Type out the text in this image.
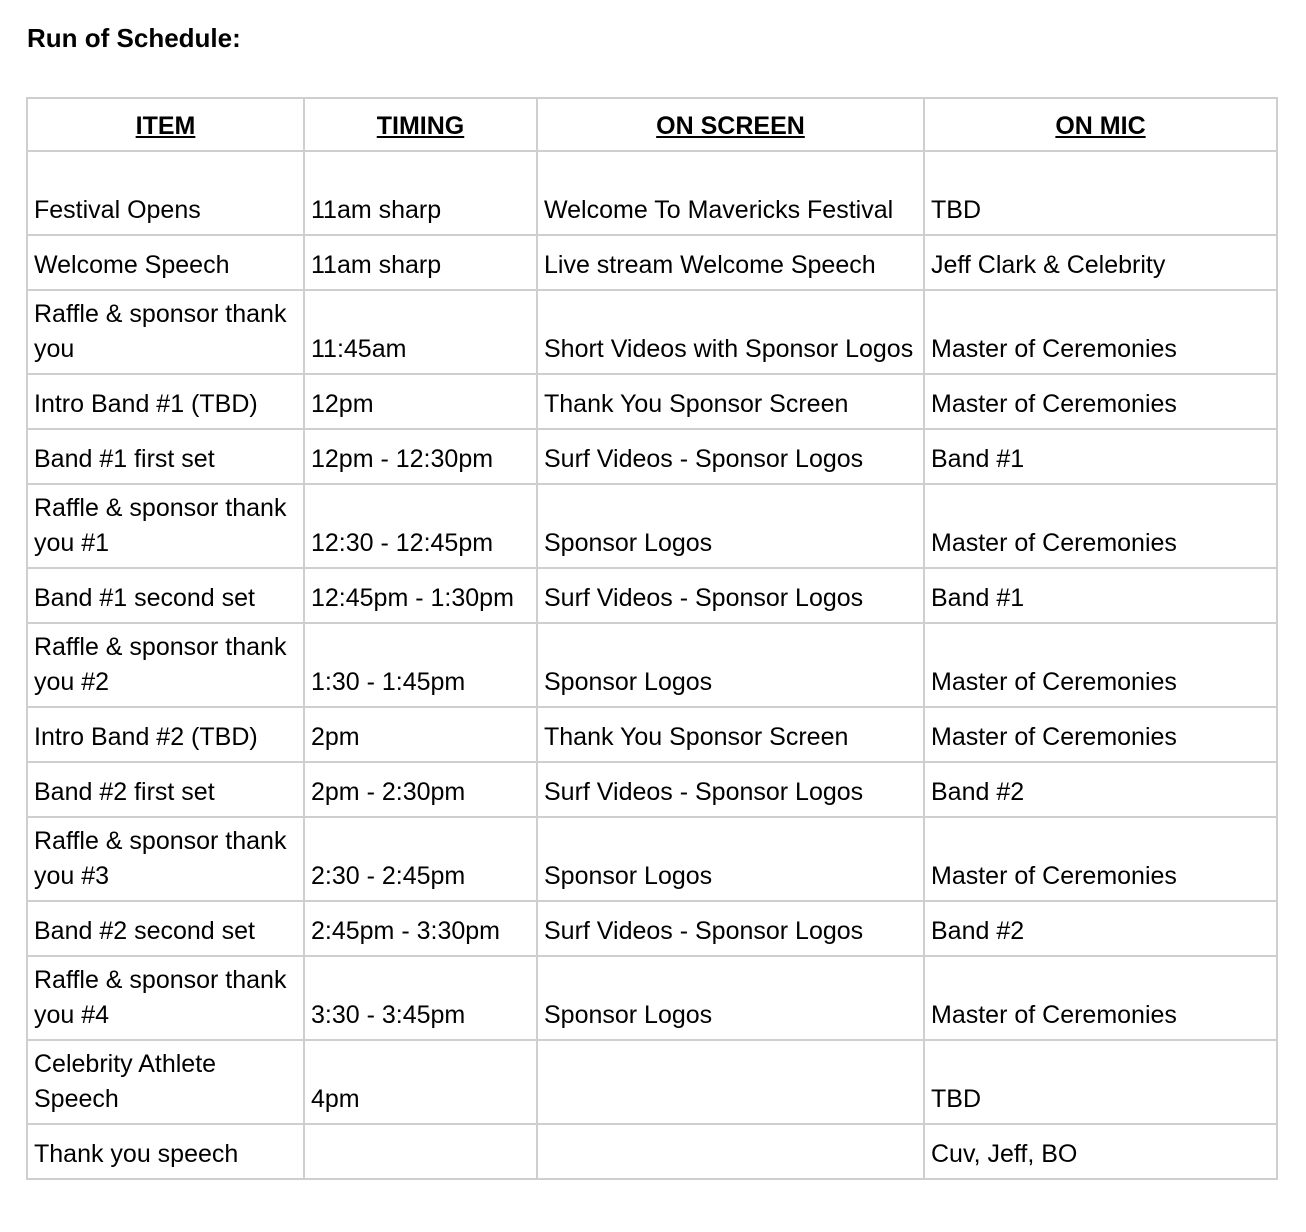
Run of Schedule:
ITEM	TIMING	ON SCREEN	ON MIC
Festival Opens	11am sharp	Welcome To Mavericks Festival	TBD
Welcome Speech	11am sharp	Live stream Welcome Speech	Jeff Clark & Celebrity
Raffle & sponsor thank you	11:45am	Short Videos with Sponsor Logos	Master of Ceremonies
Intro Band #1 (TBD)	12pm	Thank You Sponsor Screen	Master of Ceremonies
Band #1 first set	12pm - 12:30pm	Surf Videos - Sponsor Logos	Band #1
Raffle & sponsor thank you #1	12:30 - 12:45pm	Sponsor Logos	Master of Ceremonies
Band #1 second set	12:45pm - 1:30pm	Surf Videos - Sponsor Logos	Band #1
Raffle & sponsor thank you #2	1:30 - 1:45pm	Sponsor Logos	Master of Ceremonies
Intro Band #2 (TBD)	2pm	Thank You Sponsor Screen	Master of Ceremonies
Band #2 first set	2pm - 2:30pm	Surf Videos - Sponsor Logos	Band #2
Raffle & sponsor thank you #3	2:30 - 2:45pm	Sponsor Logos	Master of Ceremonies
Band #2 second set	2:45pm - 3:30pm	Surf Videos - Sponsor Logos	Band #2
Raffle & sponsor thank you #4	3:30 - 3:45pm	Sponsor Logos	Master of Ceremonies
Celebrity Athlete Speech	4pm		TBD
Thank you speech			Cuv, Jeff, BO
